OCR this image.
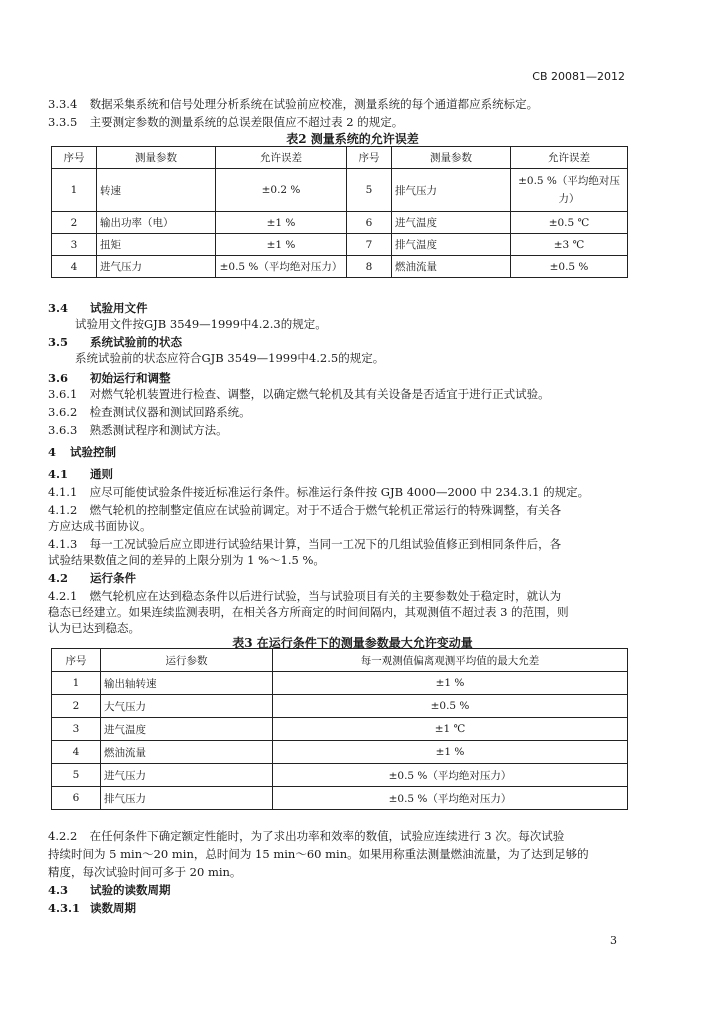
CB 20081—2012
3.3.4 数据采集系统和信号处理分析系统在试验前应校准，测量系统的每个通道都应系统标定。
3.3.5 主要测定参数的测量系统的总误差限值应不超过表 2 的规定。
表2 测量系统的允许误差
序号	测量参数	允许误差	序号	测量参数	允许误差
1	转速	±0.2 %	5	排气压力	±0.5 %（平均绝对压力）
2	输出功率（电）	±1 %	6	进气温度	±0.5 ℃
3	扭矩	±1 %	7	排气温度	±3 ℃
4	进气压力	±0.5 %（平均绝对压力）	8	燃油流量	±0.5 %
3.4 试验用文件
试验用文件按GJB 3549—1999中4.2.3的规定。
3.5 系统试验前的状态
系统试验前的状态应符合GJB 3549—1999中4.2.5的规定。
3.6 初始运行和调整
3.6.1 对燃气轮机装置进行检查、调整，以确定燃气轮机及其有关设备是否适宜于进行正式试验。
3.6.2 检查测试仪器和测试回路系统。
3.6.3 熟悉测试程序和测试方法。
4 试验控制
4.1 通则
4.1.1 应尽可能使试验条件接近标准运行条件。标准运行条件按 GJB 4000—2000 中 234.3.1 的规定。
4.1.2 燃气轮机的控制整定值应在试验前调定。对于不适合于燃气轮机正常运行的特殊调整，有关各
方应达成书面协议。
4.1.3 每一工况试验后应立即进行试验结果计算，当同一工况下的几组试验值修正到相同条件后，各
试验结果数值之间的差异的上限分别为 1 %～1.5 %。
4.2 运行条件
4.2.1 燃气轮机应在达到稳态条件以后进行试验，当与试验项目有关的主要参数处于稳定时，就认为
稳态已经建立。如果连续监测表明，在相关各方所商定的时间间隔内，其观测值不超过表 3 的范围，则
认为已达到稳态。
表3 在运行条件下的测量参数最大允许变动量
序号	运行参数	每一观测值偏离观测平均值的最大允差
1	输出轴转速	±1 %
2	大气压力	±0.5 %
3	进气温度	±1 ℃
4	燃油流量	±1 %
5	进气压力	±0.5 %（平均绝对压力）
6	排气压力	±0.5 %（平均绝对压力）
4.2.2 在任何条件下确定额定性能时，为了求出功率和效率的数值，试验应连续进行 3 次。每次试验
持续时间为 5 min～20 min，总时间为 15 min～60 min。如果用称重法测量燃油流量，为了达到足够的
精度，每次试验时间可多于 20 min。
4.3 试验的读数周期
4.3.1 读数周期
3
